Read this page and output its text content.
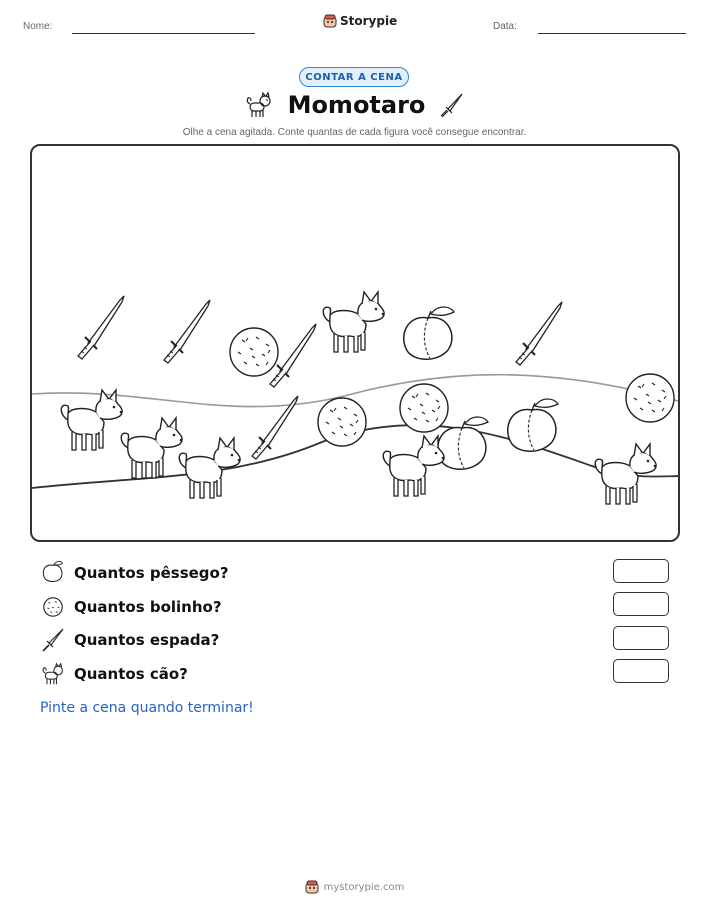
Nome:	Storypie	Data:
CONTAR A CENA
Momotaro
Olhe a cena agitada. Conte quantas de cada figura você consegue encontrar.
Quantos pêssego?
Quantos bolinho?
Quantos espada?
Quantos cão?
Pinte a cena quando terminar!
mystorypie.com
